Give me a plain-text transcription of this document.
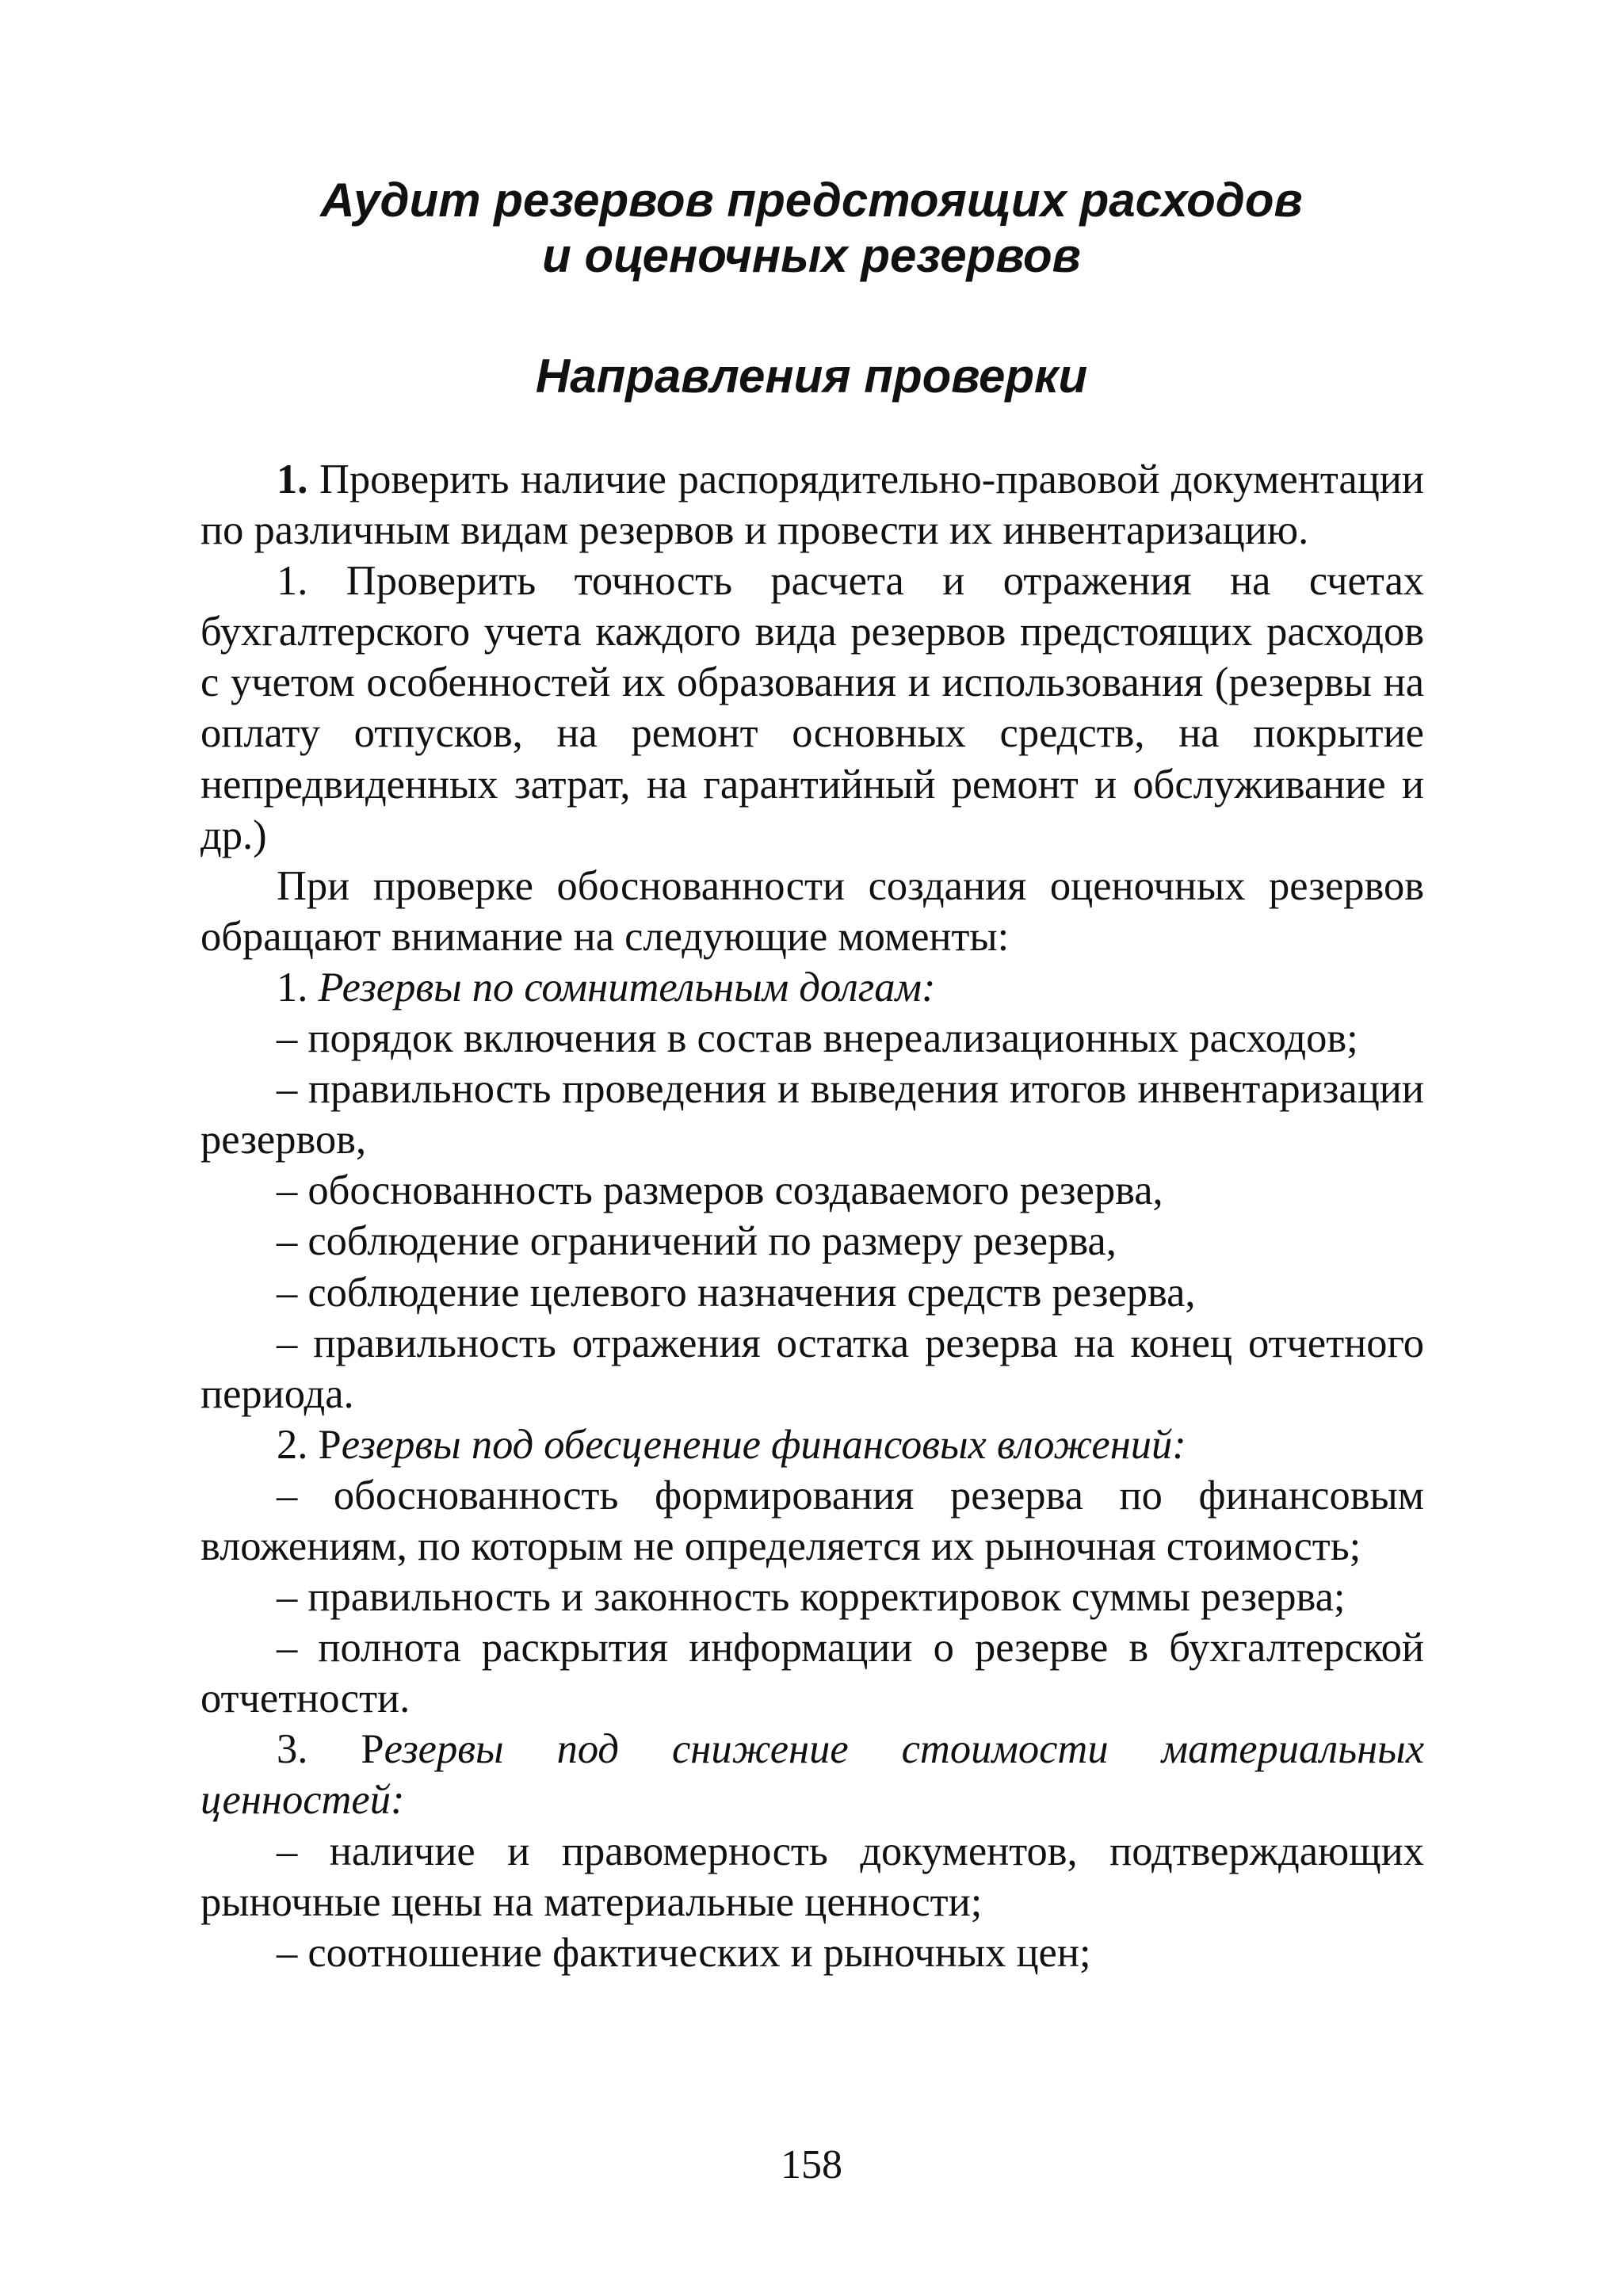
Аудит резервов предстоящих расходов
и оценочных резервов
Направления проверки

1. Проверить наличие распорядительно-правовой документации по различным видам резервов и провести их инвентаризацию.

1. Проверить точность расчета и отражения на счетах бухгалтерского учета каждого вида резервов предстоящих расходов с учетом особенностей их образования и использования (резервы на оплату отпусков, на ремонт основных средств, на покрытие непредвиденных затрат, на гарантийный ремонт и обслуживание и др.)

При проверке обоснованности создания оценочных резервов обращают внимание на следующие моменты:

1. Резервы по сомнительным долгам:

– порядок включения в состав внереализационных расходов;

– правильность проведения и выведения итогов инвентаризации резервов,

– обоснованность размеров создаваемого резерва,

– соблюдение ограничений по размеру резерва,

– соблюдение целевого назначения средств резерва,

– правильность отражения остатка резерва на конец отчетного периода.

2. Резервы под обесценение финансовых вложений:

– обоснованность формирования резерва по финансовым вложениям, по которым не определяется их рыночная стоимость;

– правильность и законность корректировок суммы резерва;

– полнота раскрытия информации о резерве в бухгалтерской отчетности.

3. Резервы под снижение стоимости материальных ценностей:

– наличие и правомерность документов, подтверждающих рыночные цены на материальные ценности;

– соотношение фактических и рыночных цен;

158
